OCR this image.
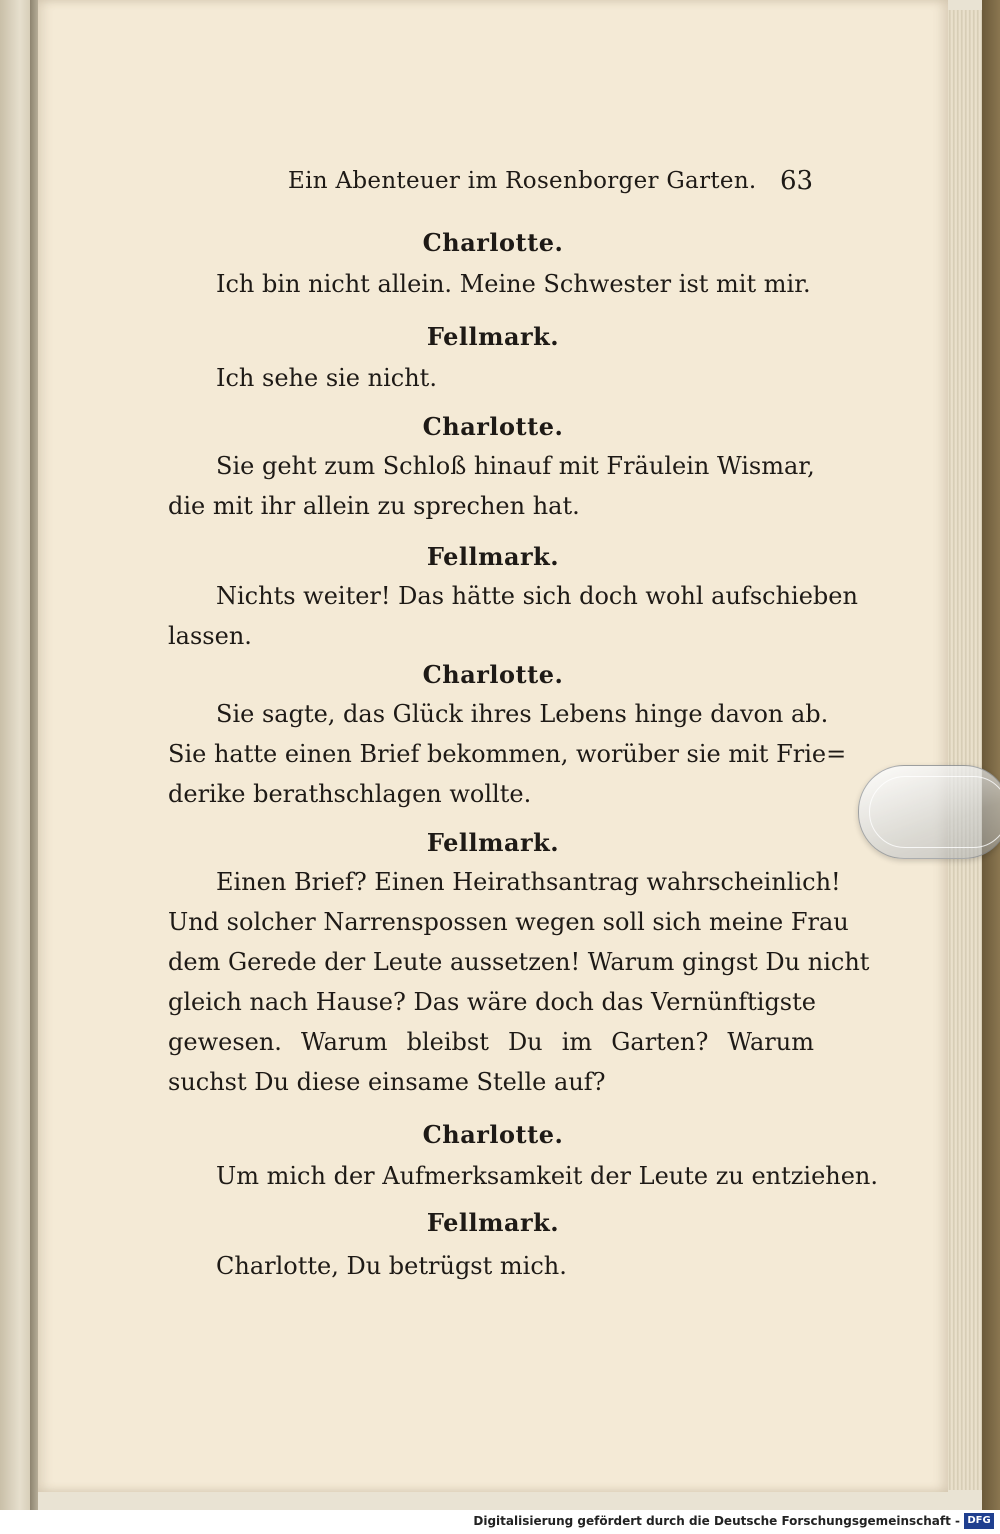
Ein Abenteuer im Rosenborger Garten. 63
Charlotte.
Ich bin nicht allein. Meine Schwester ist mit mir.
Fellmark.
Ich sehe sie nicht.
Charlotte.
Sie geht zum Schloß hinauf mit Fräulein Wismar,
die mit ihr allein zu sprechen hat.
Fellmark.
Nichts weiter! Das hätte sich doch wohl aufschieben
lassen.
Charlotte.
Sie sagte, das Glück ihres Lebens hinge davon ab.
Sie hatte einen Brief bekommen, worüber sie mit Frie=
derike berathschlagen wollte.
Fellmark.
Einen Brief? Einen Heirathsantrag wahrscheinlich!
Und solcher Narrenspossen wegen soll sich meine Frau
dem Gerede der Leute aussetzen! Warum gingst Du nicht
gleich nach Hause? Das wäre doch das Vernünftigste
gewesen. Warum bleibst Du im Garten? Warum
suchst Du diese einsame Stelle auf?
Charlotte.
Um mich der Aufmerksamkeit der Leute zu entziehen.
Fellmark.
Charlotte, Du betrügst mich.
Digitalisierung gefördert durch die Deutsche Forschungsgemeinschaft - DFG
